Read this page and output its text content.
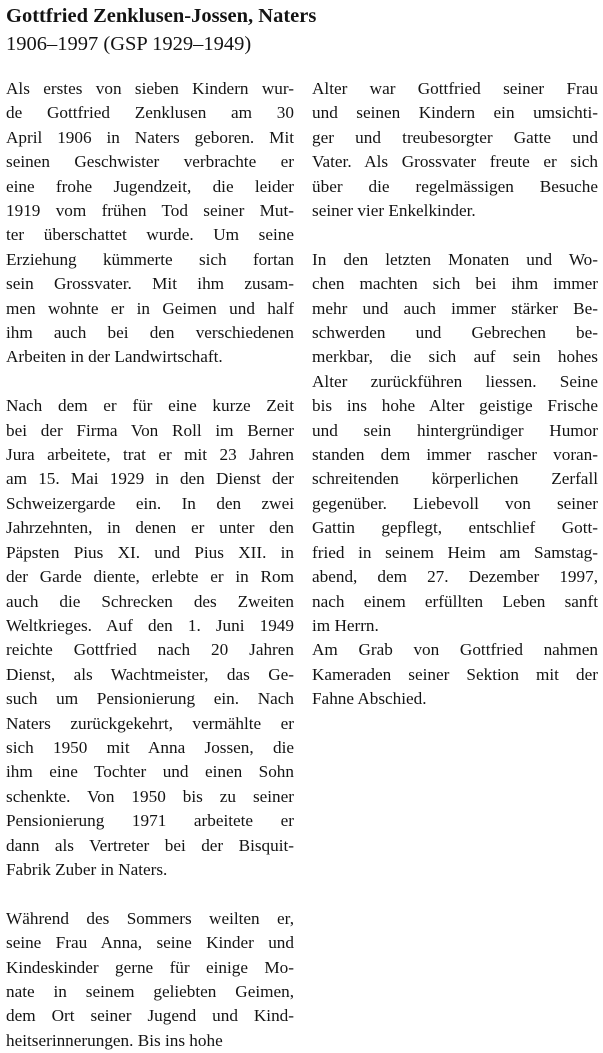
Gottfried Zenklusen-Jossen, Naters
1906–1997 (GSP 1929–1949)

Als erstes von sieben Kindern wur-
de Gottfried Zenklusen am 30
April 1906 in Naters geboren. Mit
seinen Geschwister verbrachte er
eine frohe Jugendzeit, die leider
1919 vom frühen Tod seiner Mut-
ter überschattet wurde. Um seine
Erziehung kümmerte sich fortan
sein Grossvater. Mit ihm zusam-
men wohnte er in Geimen und half
ihm auch bei den verschiedenen
Arbeiten in der Landwirtschaft.

Nach dem er für eine kurze Zeit
bei der Firma Von Roll im Berner
Jura arbeitete, trat er mit 23 Jahren
am 15. Mai 1929 in den Dienst der
Schweizergarde ein. In den zwei
Jahrzehnten, in denen er unter den
Päpsten Pius XI. und Pius XII. in
der Garde diente, erlebte er in Rom
auch die Schrecken des Zweiten
Weltkrieges. Auf den 1. Juni 1949
reichte Gottfried nach 20 Jahren
Dienst, als Wachtmeister, das Ge-
such um Pensionierung ein. Nach
Naters zurückgekehrt, vermählte er
sich 1950 mit Anna Jossen, die
ihm eine Tochter und einen Sohn
schenkte. Von 1950 bis zu seiner
Pensionierung 1971 arbeitete er
dann als Vertreter bei der Bisquit-
Fabrik Zuber in Naters.

Während des Sommers weilten er,
seine Frau Anna, seine Kinder und
Kindeskinder gerne für einige Mo-
nate in seinem geliebten Geimen,
dem Ort seiner Jugend und Kind-
heitserinnerungen. Bis ins hohe

Alter war Gottfried seiner Frau
und seinen Kindern ein umsichti-
ger und treubesorgter Gatte und
Vater. Als Grossvater freute er sich
über die regelmässigen Besuche
seiner vier Enkelkinder.

In den letzten Monaten und Wo-
chen machten sich bei ihm immer
mehr und auch immer stärker Be-
schwerden und Gebrechen be-
merkbar, die sich auf sein hohes
Alter zurückführen liessen. Seine
bis ins hohe Alter geistige Frische
und sein hintergründiger Humor
standen dem immer rascher voran-
schreitenden körperlichen Zerfall
gegenüber. Liebevoll von seiner
Gattin gepflegt, entschlief Gott-
fried in seinem Heim am Samstag-
abend, dem 27. Dezember 1997,
nach einem erfüllten Leben sanft
im Herrn.

Am Grab von Gottfried nahmen
Kameraden seiner Sektion mit der
Fahne Abschied.
